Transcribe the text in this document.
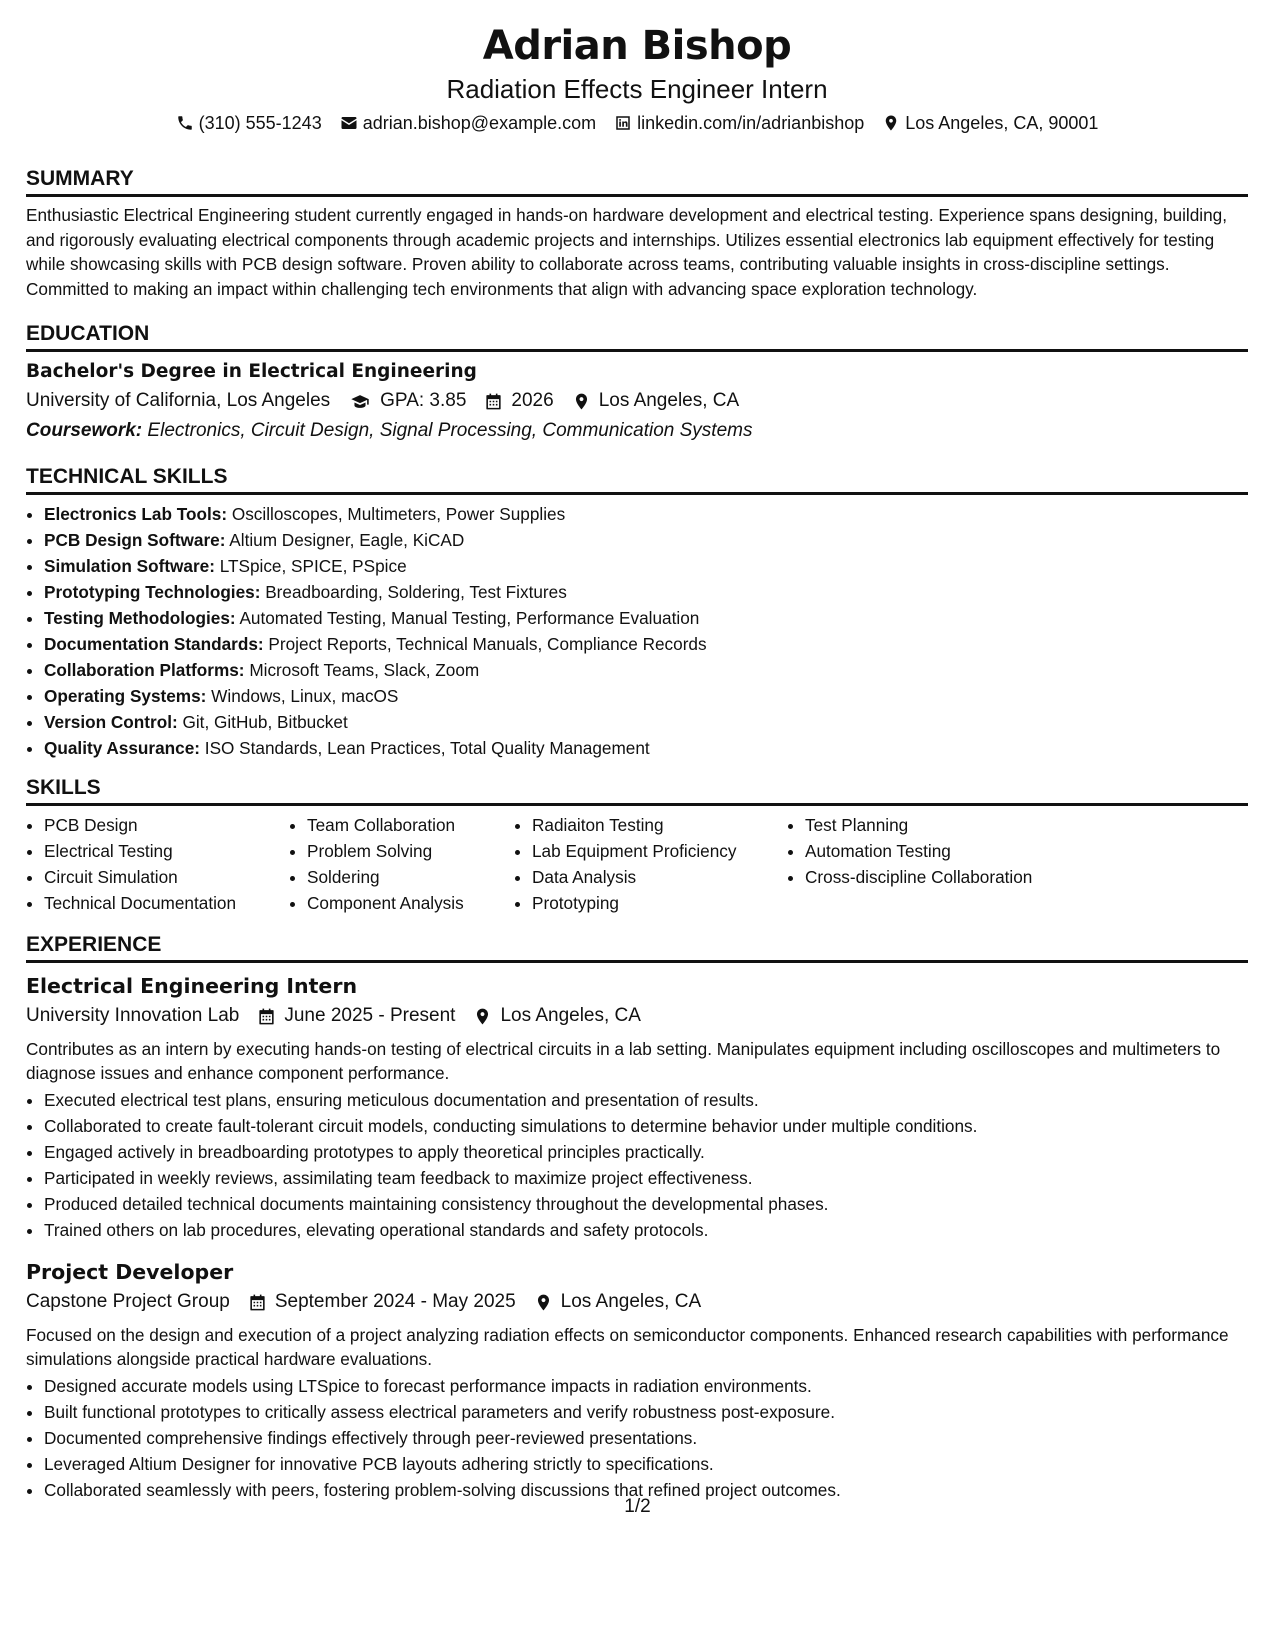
Adrian Bishop
Radiation Effects Engineer Intern
(310) 555-1243 adrian.bishop@example.com linkedin.com/in/adrianbishop Los Angeles, CA, 90001
SUMMARY

Enthusiastic Electrical Engineering student currently engaged in hands-on hardware development and electrical testing. Experience spans designing, building, and rigorously evaluating electrical components through academic projects and internships. Utilizes essential electronics lab equipment effectively for testing while showcasing skills with PCB design software. Proven ability to collaborate across teams, contributing valuable insights in cross-discipline settings. Committed to making an impact within challenging tech environments that align with advancing space exploration technology.

EDUCATION
Bachelor's Degree in Electrical Engineering
University of California, Los Angeles	GPA: 3.85 2026 Los Angeles, CA
Coursework: Electronics, Circuit Design, Signal Processing, Communication Systems
TECHNICAL SKILLS
• Electronics Lab Tools: Oscilloscopes, Multimeters, Power Supplies
• PCB Design Software: Altium Designer, Eagle, KiCAD
• Simulation Software: LTSpice, SPICE, PSpice
• Prototyping Technologies: Breadboarding, Soldering, Test Fixtures
• Testing Methodologies: Automated Testing, Manual Testing, Performance Evaluation
• Documentation Standards: Project Reports, Technical Manuals, Compliance Records
• Collaboration Platforms: Microsoft Teams, Slack, Zoom
• Operating Systems: Windows, Linux, macOS
• Version Control: Git, GitHub, Bitbucket
• Quality Assurance: ISO Standards, Lean Practices, Total Quality Management
SKILLS
• PCB Design
• Electrical Testing
• Circuit Simulation
• Technical Documentation
• Team Collaboration
• Problem Solving
• Soldering
• Component Analysis
• Radiaiton Testing
• Lab Equipment Proficiency
• Data Analysis
• Prototyping
• Test Planning
• Automation Testing
• Cross-discipline Collaboration
EXPERIENCE
Electrical Engineering Intern
University Innovation Lab June 2025 - Present Los Angeles, CA
Contributes as an intern by executing hands-on testing of electrical circuits in a lab setting. Manipulates equipment including oscilloscopes and multimeters to diagnose issues and enhance component performance.
• Executed electrical test plans, ensuring meticulous documentation and presentation of results.
• Collaborated to create fault-tolerant circuit models, conducting simulations to determine behavior under multiple conditions.
• Engaged actively in breadboarding prototypes to apply theoretical principles practically.
• Participated in weekly reviews, assimilating team feedback to maximize project effectiveness.
• Produced detailed technical documents maintaining consistency throughout the developmental phases.
• Trained others on lab procedures, elevating operational standards and safety protocols.
Project Developer
Capstone Project Group September 2024 - May 2025 Los Angeles, CA
Focused on the design and execution of a project analyzing radiation effects on semiconductor components. Enhanced research capabilities with performance simulations alongside practical hardware evaluations.
• Designed accurate models using LTSpice to forecast performance impacts in radiation environments.
• Built functional prototypes to critically assess electrical parameters and verify robustness post-exposure.
• Documented comprehensive findings effectively through peer-reviewed presentations.
• Leveraged Altium Designer for innovative PCB layouts adhering strictly to specifications.
• Collaborated seamlessly with peers, fostering problem-solving discussions that refined project outcomes.
1/2
